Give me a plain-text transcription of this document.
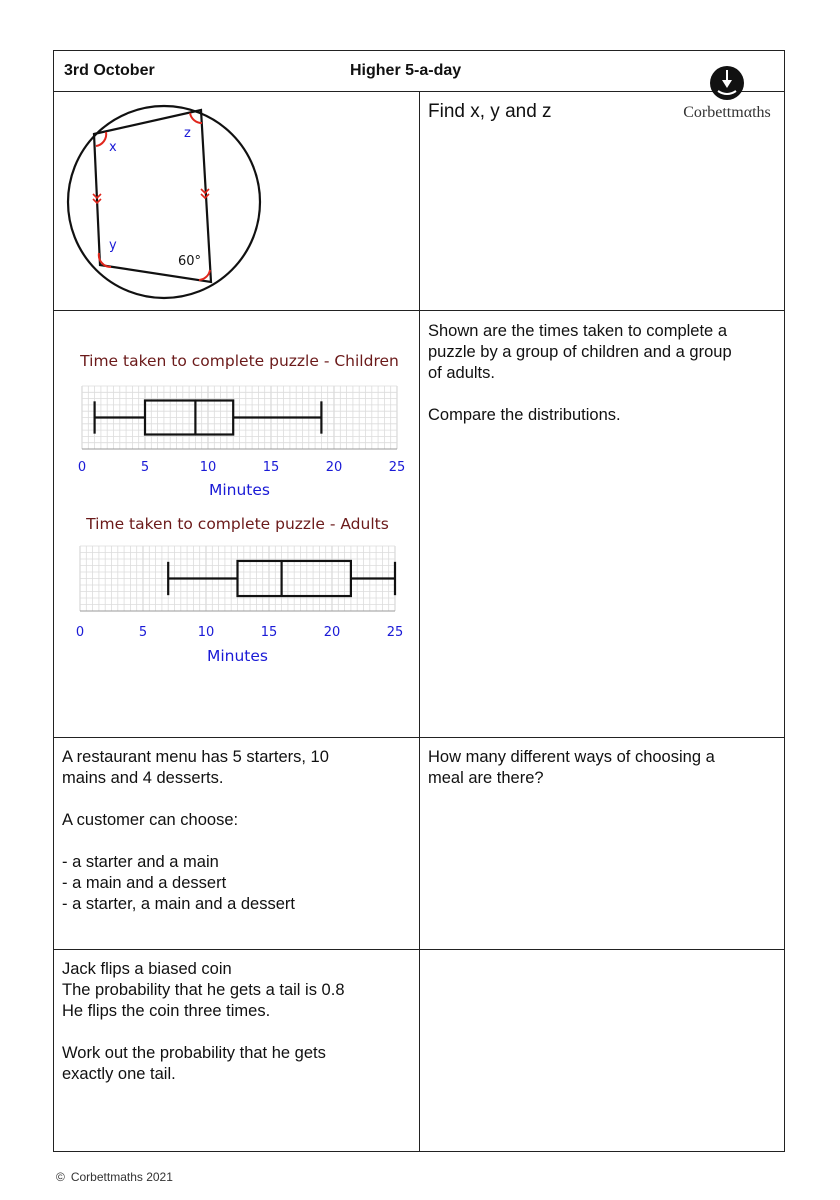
3rd October	Higher 5-a-day
x
z
y
60°
Find x, y and z
Time taken to complete puzzle - Children
0	5	10	15	20	25
Minutes
Time taken to complete puzzle - Adults
0	5	10	15	20	25
Minutes
Shown are the times taken to complete a
puzzle by a group of children and a group
of adults.

Compare the distributions.
A restaurant menu has 5 starters, 10
mains and 4 desserts.

A customer can choose:

- a starter and a main
- a main and a dessert
- a starter, a main and a dessert
How many different ways of choosing a
meal are there?
Jack flips a biased coin
The probability that he gets a tail is 0.8
He flips the coin three times.

Work out the probability that he gets
exactly one tail.
Corbettmαths
© Corbettmaths 2021
